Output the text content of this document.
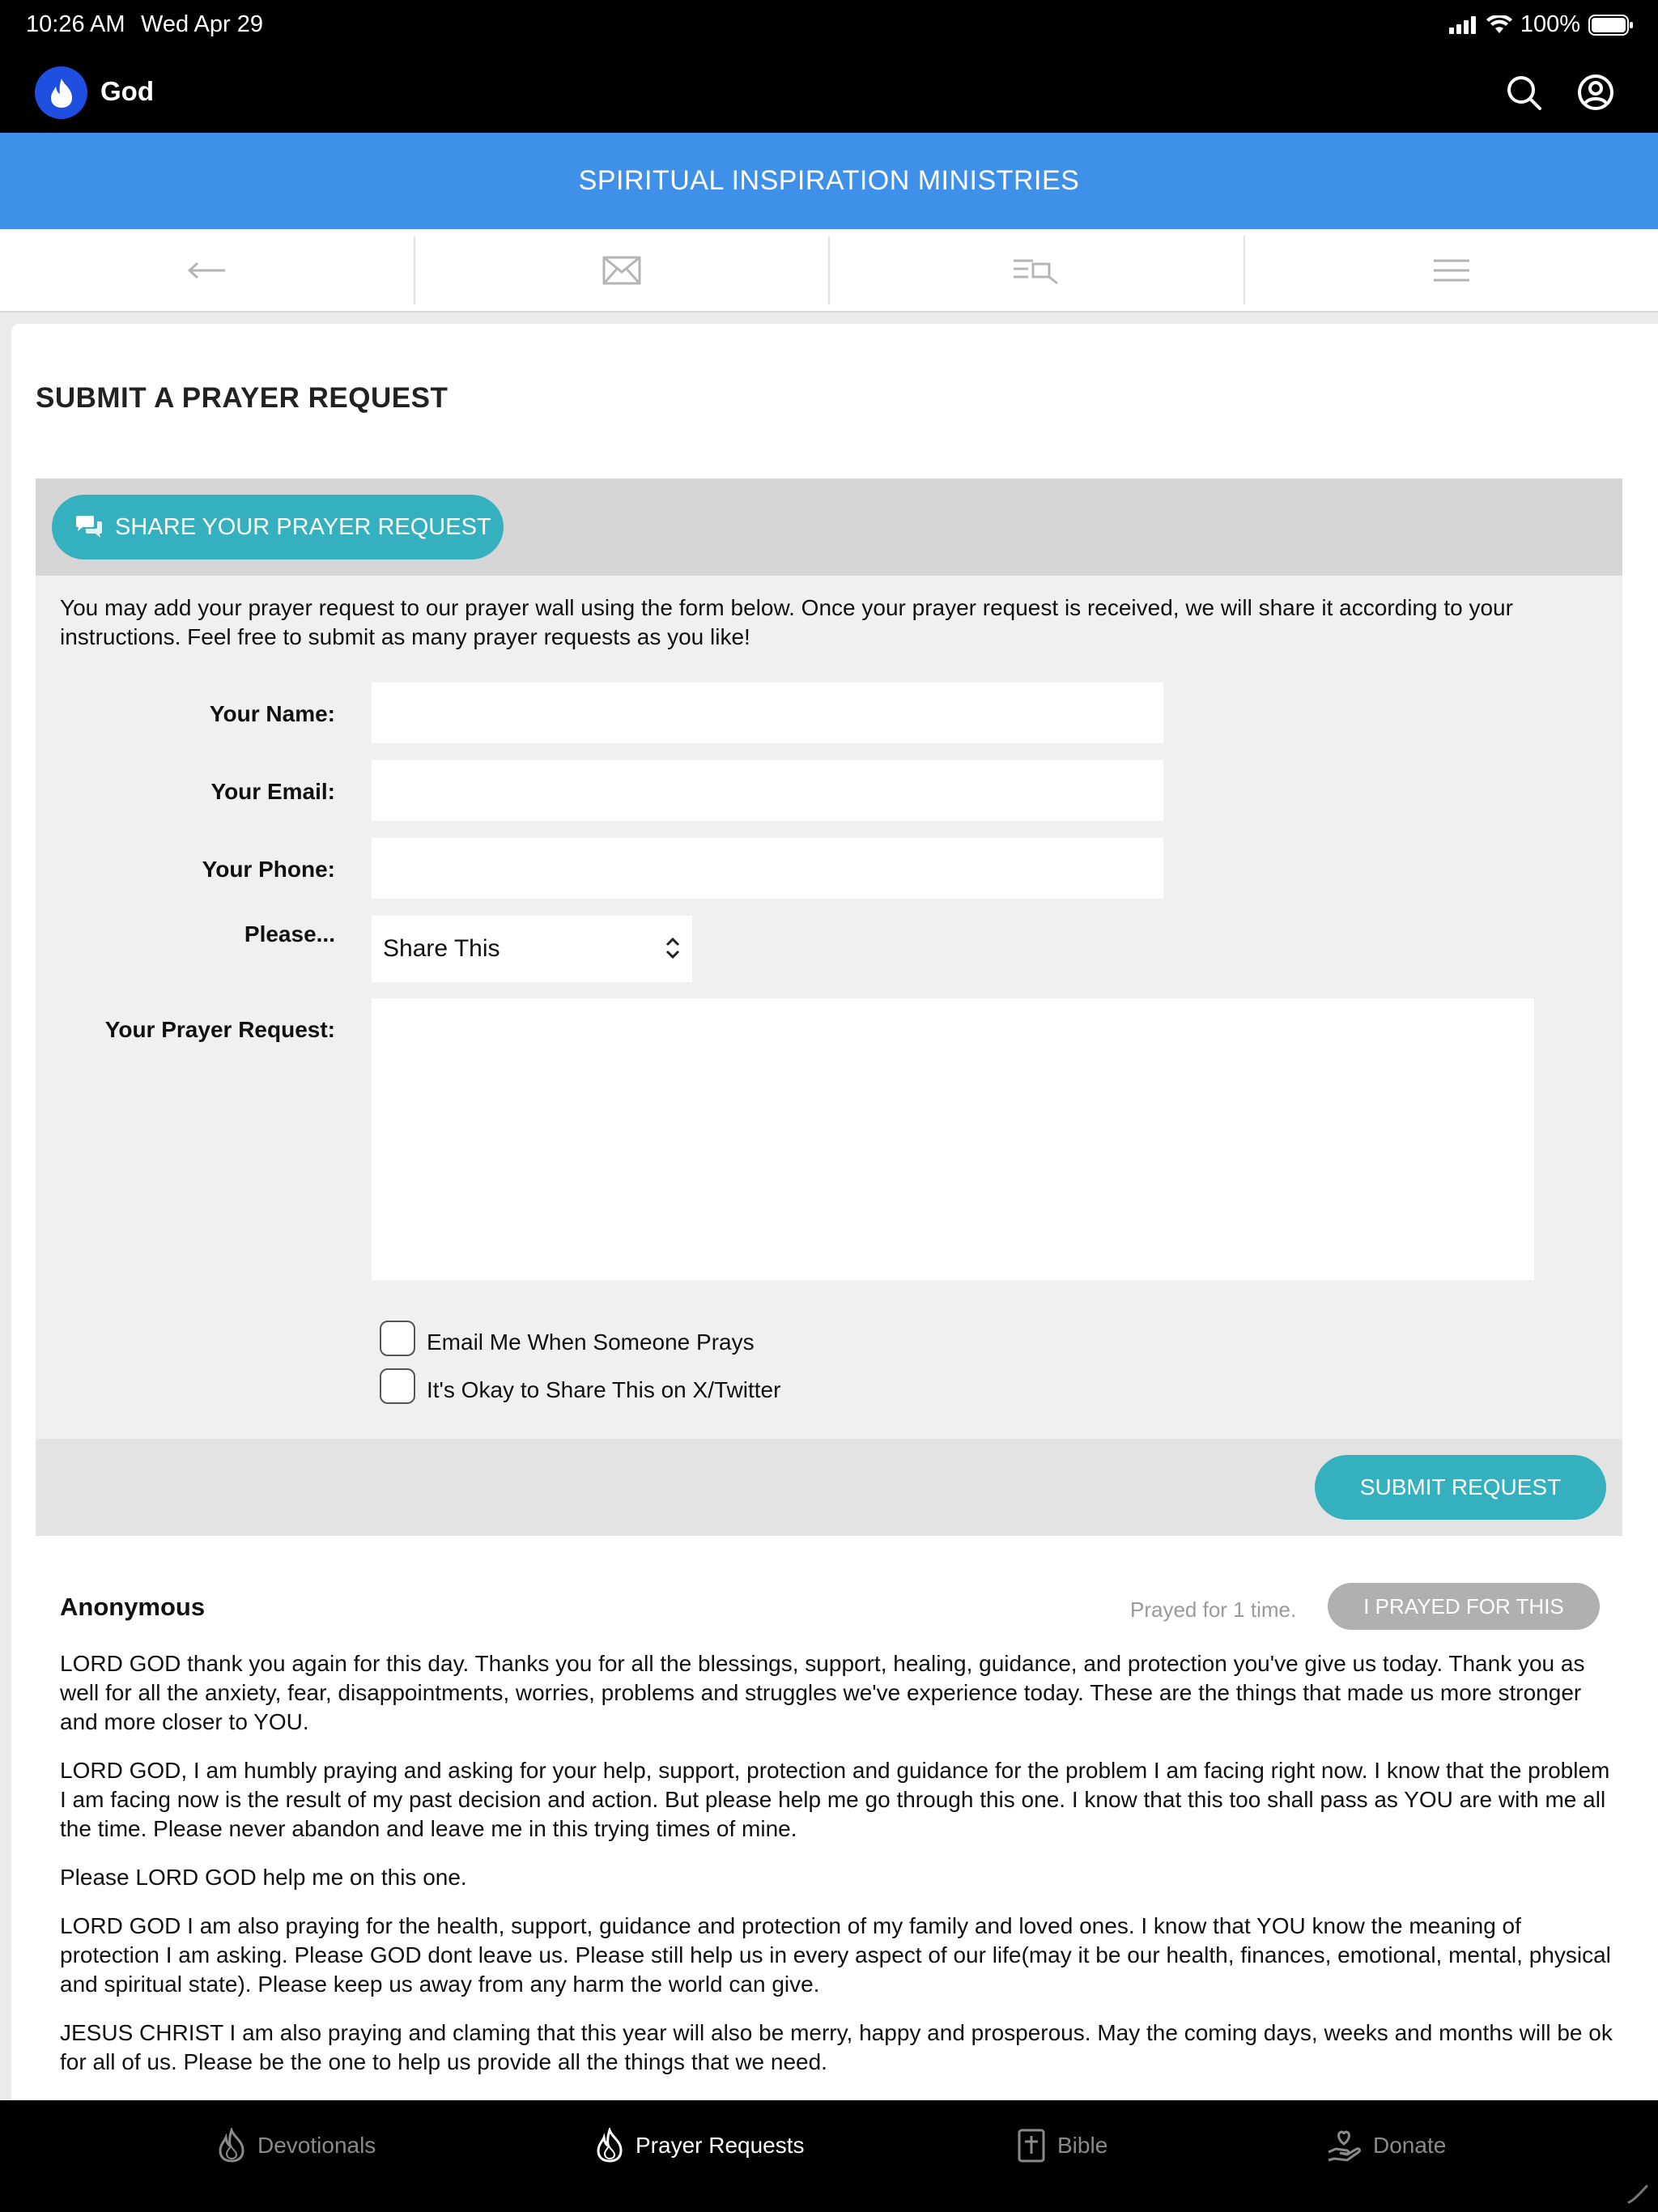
10:26 AM Wed Apr 29	100%
God
SPIRITUAL INSPIRATION MINISTRIES
SUBMIT A PRAYER REQUEST
SHARE YOUR PRAYER REQUEST

You may add your prayer request to our prayer wall using the form below. Once your prayer request is received, we will share it according to your instructions. Feel free to submit as many prayer requests as you like!

Your Name:
Your Email:
Your Phone:
Please...
Share This
Your Prayer Request:
Email Me When Someone Prays
It's Okay to Share This on X/Twitter
SUBMIT REQUEST
Anonymous	Prayed for 1 time.	I PRAYED FOR THIS

LORD GOD thank you again for this day. Thanks you for all the blessings, support, healing, guidance, and protection you've give us today. Thank you as well for all the anxiety, fear, disappointments, worries, problems and struggles we've experience today. These are the things that made us more stronger and more closer to YOU.

LORD GOD, I am humbly praying and asking for your help, support, protection and guidance for the problem I am facing right now. I know that the problem I am facing now is the result of my past decision and action. But please help me go through this one. I know that this too shall pass as YOU are with me all the time. Please never abandon and leave me in this trying times of mine.

Please LORD GOD help me on this one.

LORD GOD I am also praying for the health, support, guidance and protection of my family and loved ones. I know that YOU know the meaning of protection I am asking. Please GOD dont leave us. Please still help us in every aspect of our life(may it be our health, finances, emotional, mental, physical and spiritual state). Please keep us away from any harm the world can give.

JESUS CHRIST I am also praying and claming that this year will also be merry, happy and prosperous. May the coming days, weeks and months will be ok for all of us. Please be the one to help us provide all the things that we need.

Devotionals	Prayer Requests	Bible	Donate
